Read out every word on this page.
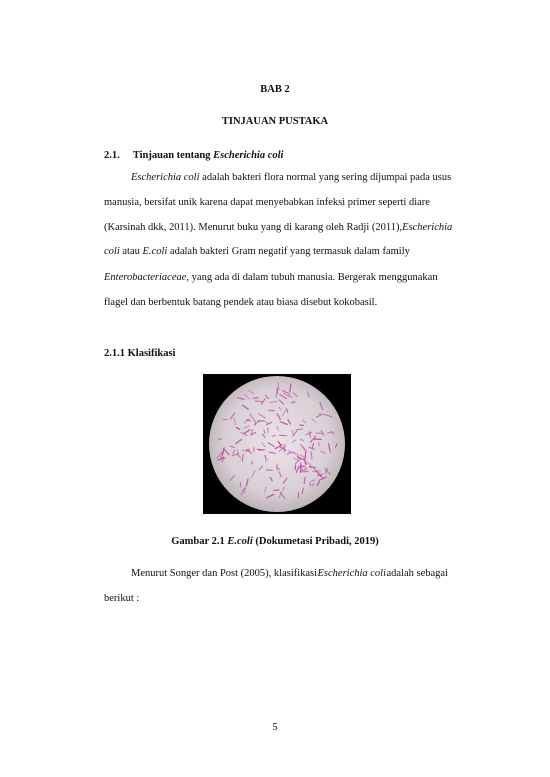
BAB 2
TINJAUAN PUSTAKA
2.1. Tinjauan tentang Escherichia coli
Escherichia coli adalah bakteri flora normal yang sering dijumpai pada usus
manusia, bersifat unik karena dapat menyebabkan infeksi primer seperti diare
(Karsinah dkk, 2011). Menurut buku yang di karang oleh Radji (2011), Escherichia
coli atau E.coli adalah bakteri Gram negatif yang termasuk dalam family
Enterobacteriaceae, yang ada di dalam tubuh manusia. Bergerak menggunakan
flagel dan berbentuk batang pendek atau biasa disebut kokobasil.
2.1.1 Klasifikasi
Gambar 2.1 E.coli (Dokumetasi Pribadi, 2019)
Menurut Songer dan Post (2005), klasifikasi Escherichia coli adalah sebagai
berikut :
5
